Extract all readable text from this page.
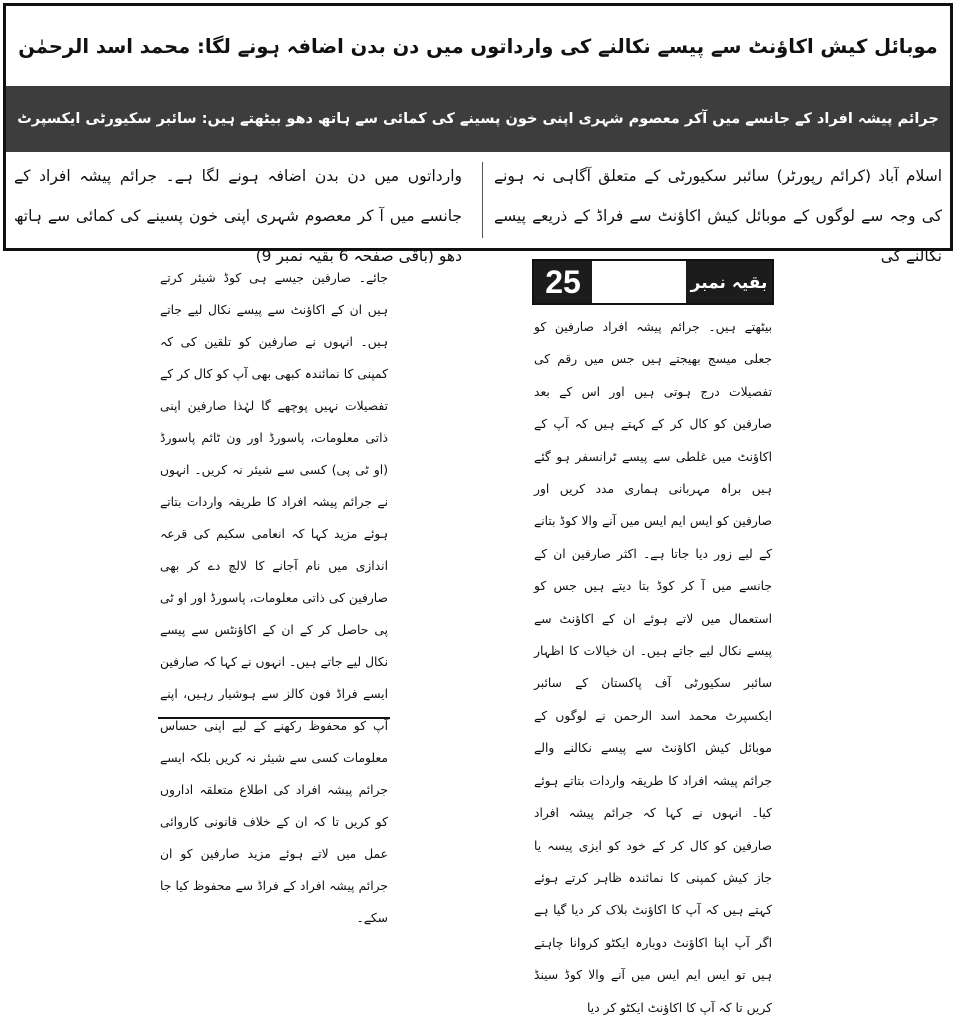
موبائل کیش اکاؤنٹ سے پیسے نکالنے کی وارداتوں میں دن بدن اضافہ ہونے لگا: محمد اسد الرحمٰن
جرائم پیشہ افراد کے جانسے میں آکر معصوم شہری اپنی خون پسینے کی کمائی سے ہاتھ دھو بیٹھتے ہیں: سائبر سکیورٹی ایکسپرٹ
اسلام آباد (کرائم رپورٹر) سائبر سکیورٹی کے متعلق آگاہی نہ ہونے کی وجہ سے لوگوں کے موبائل کیش اکاؤنٹ سے فراڈ کے ذریعے پیسے نکالنے کی
وارداتوں میں دن بدن اضافہ ہونے لگا ہے۔ جرائم پیشہ افراد کے جانسے میں آ کر معصوم شہری اپنی خون پسینے کی کمائی سے ہاتھ دھو (باقی صفحہ 6 بقیہ نمبر 9)
بقیہ نمبر
25

بیٹھتے ہیں۔ جرائم پیشہ افراد صارفین کو جعلی میسج بھیجتے ہیں جس میں رقم کی تفصیلات درج ہوتی ہیں اور اس کے بعد صارفین کو کال کر کے کہتے ہیں کہ آپ کے اکاؤنٹ میں غلطی سے پیسے ٹرانسفر ہو گئے ہیں براہ مہربانی ہماری مدد کریں اور صارفین کو ایس ایم ایس میں آنے والا کوڈ بتانے کے لیے زور دیا جاتا ہے۔ اکثر صارفین ان کے جانسے میں آ کر کوڈ بتا دیتے ہیں جس کو استعمال میں لاتے ہوئے ان کے اکاؤنٹ سے پیسے نکال لیے جاتے ہیں۔ ان خیالات کا اظہار سائبر سکیورٹی آف پاکستان کے سائبر ایکسپرٹ محمد اسد الرحمن نے لوگوں کے موبائل کیش اکاؤنٹ سے پیسے نکالنے والے جرائم پیشہ افراد کا طریقہ واردات بتاتے ہوئے کیا۔ انہوں نے کہا کہ جرائم پیشہ افراد صارفین کو کال کر کے خود کو ایزی پیسہ یا جاز کیش کمپنی کا نمائندہ ظاہر کرتے ہوئے کہتے ہیں کہ آپ کا اکاؤنٹ بلاک کر دیا گیا ہے اگر آپ اپنا اکاؤنٹ دوبارہ ایکٹو کروانا چاہتے ہیں تو ایس ایم ایس میں آنے والا کوڈ سینڈ کریں تا کہ آپ کا اکاؤنٹ ایکٹو کر دیا

جائے۔ صارفین جیسے ہی کوڈ شیئر کرتے ہیں ان کے اکاؤنٹ سے پیسے نکال لیے جاتے ہیں۔ انہوں نے صارفین کو تلقین کی کہ کمپنی کا نمائندہ کبھی بھی آپ کو کال کر کے تفصیلات نہیں پوچھے گا لہٰذا صارفین اپنی ذاتی معلومات، پاسورڈ اور ون ٹائم پاسورڈ (او ٹی پی) کسی سے شیئر نہ کریں۔ انہوں نے جرائم پیشہ افراد کا طریقہ واردات بتاتے ہوئے مزید کہا کہ انعامی سکیم کی قرعہ اندازی میں نام آجانے کا لالچ دے کر بھی صارفین کی ذاتی معلومات، پاسورڈ اور او ٹی پی حاصل کر کے ان کے اکاؤنٹس سے پیسے نکال لیے جاتے ہیں۔ انہوں نے کہا کہ صارفین ایسے فراڈ فون کالز سے ہوشیار رہیں، اپنے آپ کو محفوظ رکھنے کے لیے اپنی حساس معلومات کسی سے شیئر نہ کریں بلکہ ایسے جرائم پیشہ افراد کی اطلاع متعلقہ اداروں کو کریں تا کہ ان کے خلاف قانونی کاروائی عمل میں لاتے ہوئے مزید صارفین کو ان جرائم پیشہ افراد کے فراڈ سے محفوظ کیا جا سکے۔
